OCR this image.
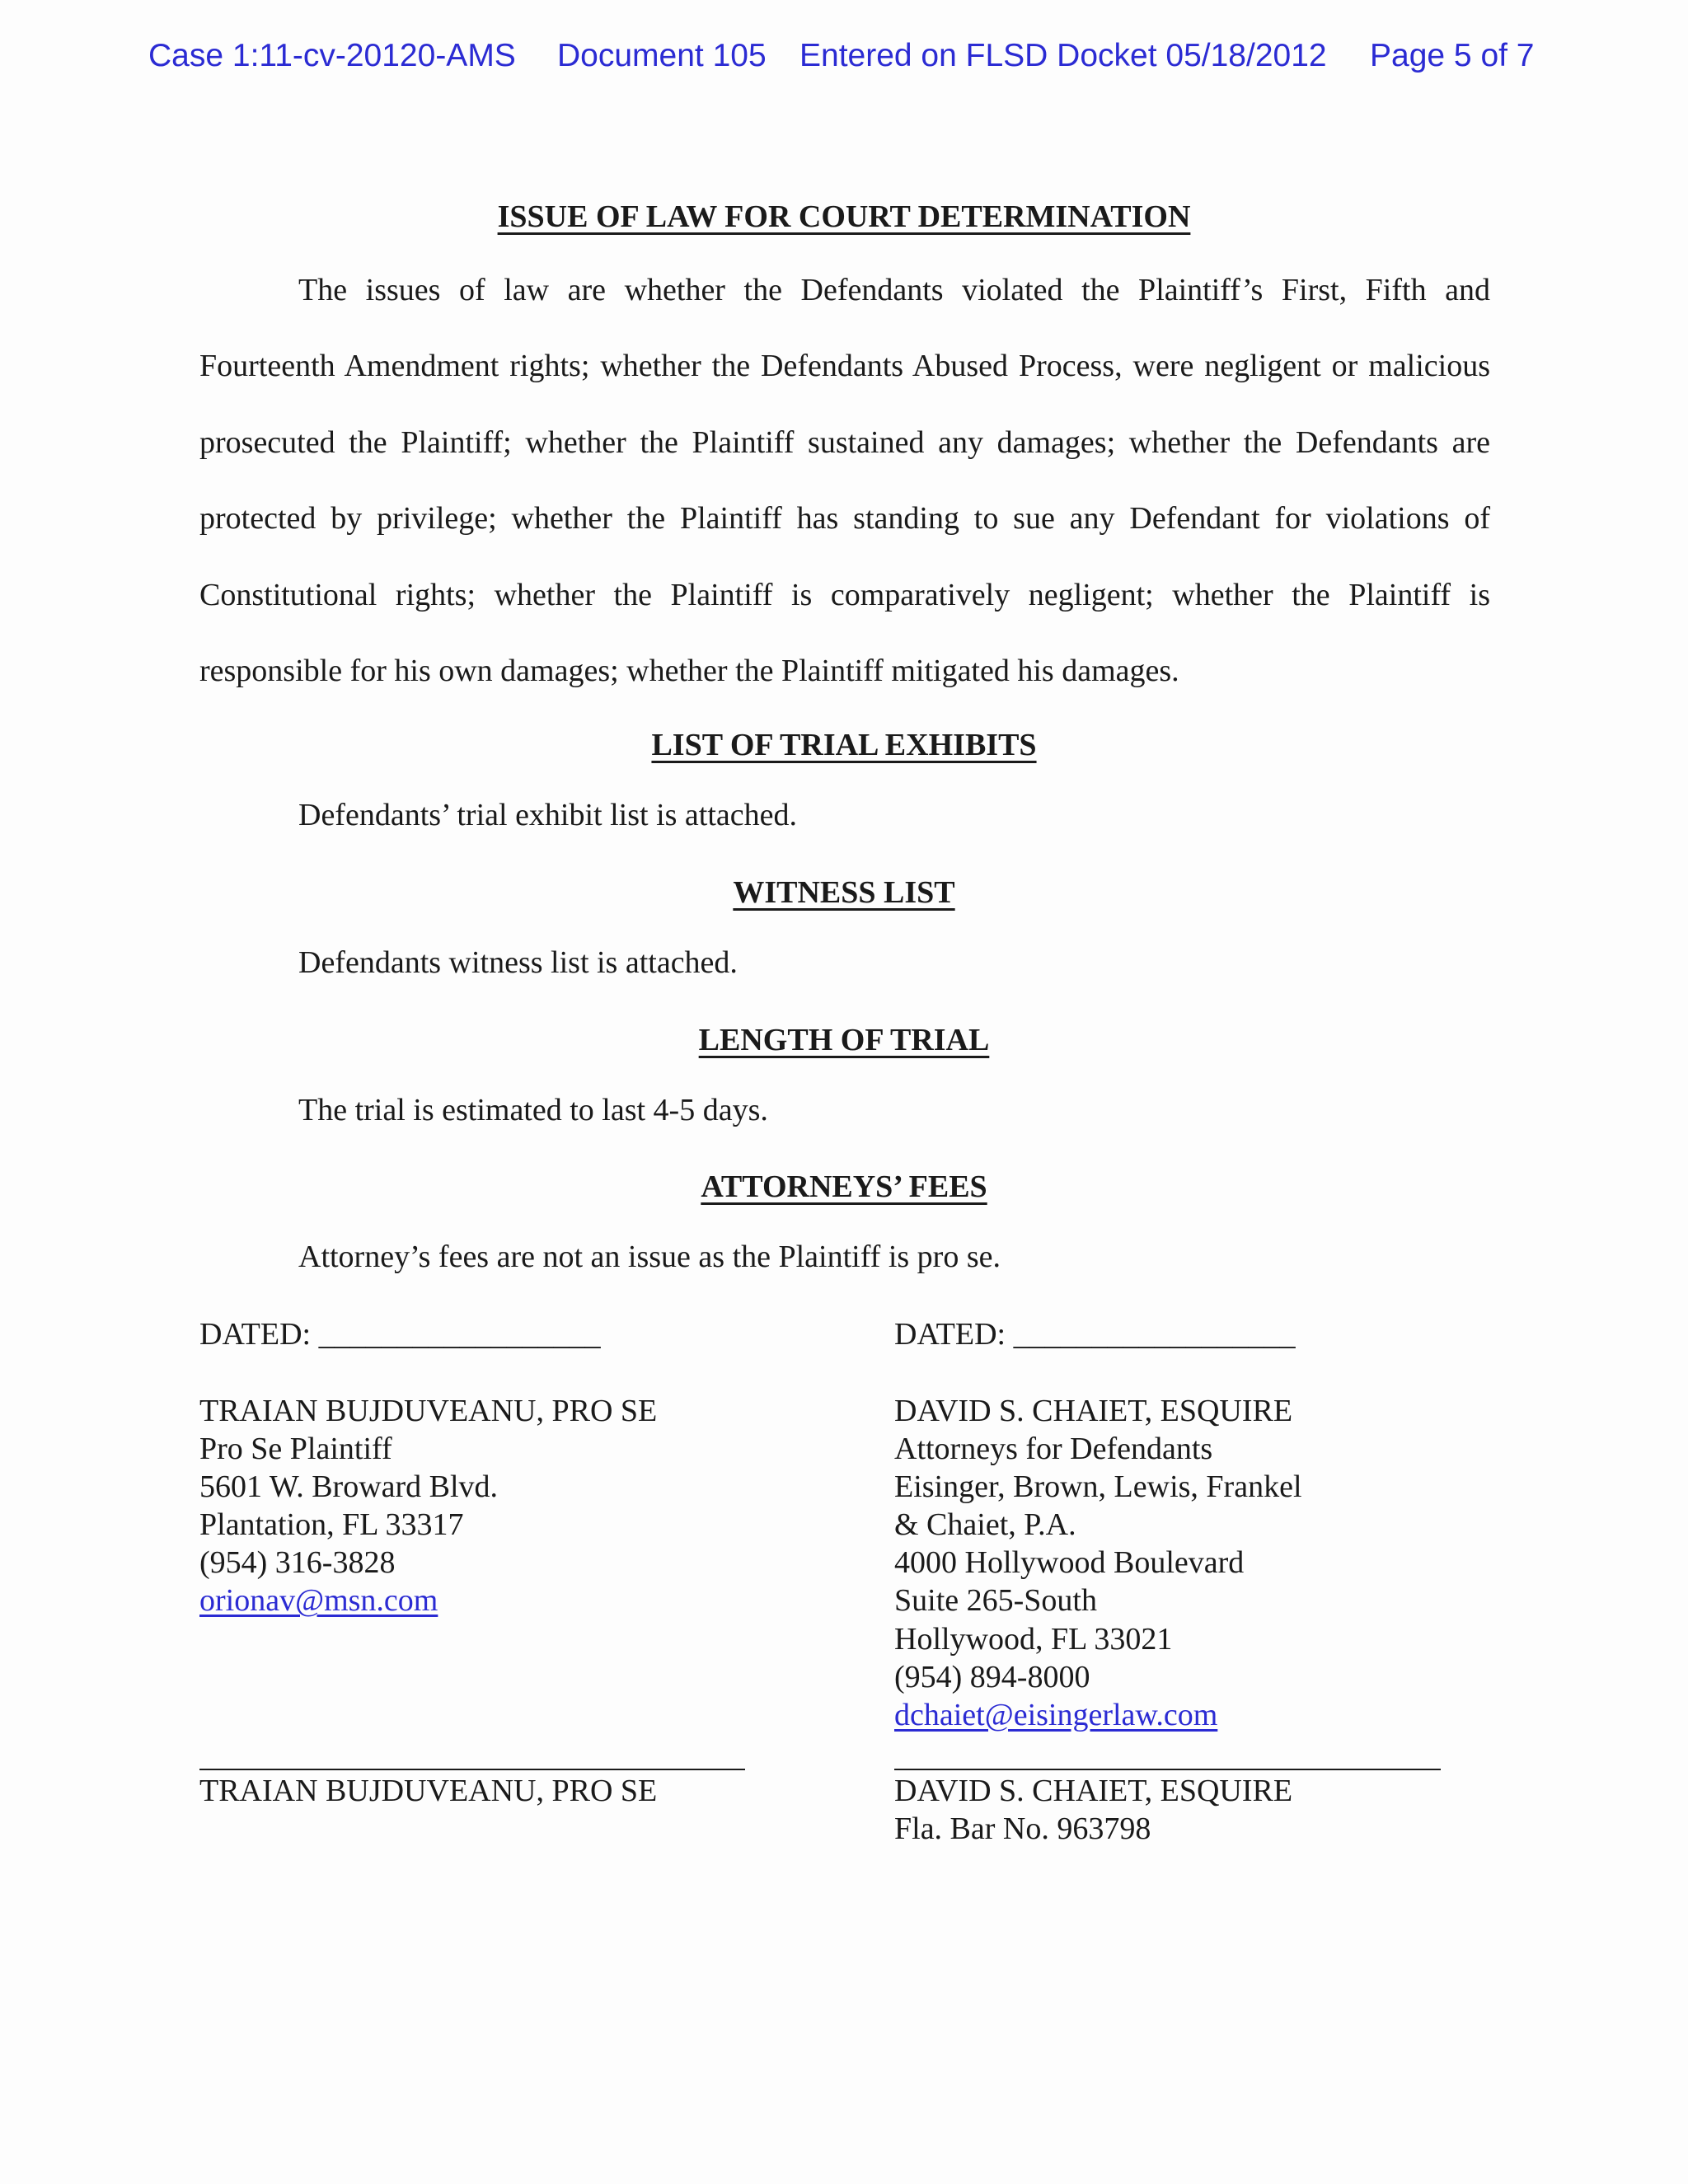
Case 1:11-cv-20120-AMS Document 105 Entered on FLSD Docket 05/18/2012 Page 5 of 7
ISSUE OF LAW FOR COURT DETERMINATION

The issues of law are whether the Defendants violated the Plaintiff’s First, Fifth and Fourteenth Amendment rights; whether the Defendants Abused Process, were negligent or malicious prosecuted the Plaintiff; whether the Plaintiff sustained any damages; whether the Defendants are protected by privilege; whether the Plaintiff has standing to sue any Defendant for violations of Constitutional rights; whether the Plaintiff is comparatively negligent; whether the Plaintiff is responsible for his own damages; whether the Plaintiff mitigated his damages.

LIST OF TRIAL EXHIBITS
Defendants’ trial exhibit list is attached.
WITNESS LIST
Defendants witness list is attached.
LENGTH OF TRIAL
The trial is estimated to last 4-5 days.
ATTORNEYS’ FEES
Attorney’s fees are not an issue as the Plaintiff is pro se.
DATED: __________________
TRAIAN BUJDUVEANU, PRO SE
Pro Se Plaintiff
5601 W. Broward Blvd.
Plantation, FL 33317
(954) 316-3828
orionav@msn.com
TRAIAN BUJDUVEANU, PRO SE
DATED: __________________
DAVID S. CHAIET, ESQUIRE
Attorneys for Defendants
Eisinger, Brown, Lewis, Frankel
& Chaiet, P.A.
4000 Hollywood Boulevard
Suite 265-South
Hollywood, FL 33021
(954) 894-8000
dchaiet@eisingerlaw.com
DAVID S. CHAIET, ESQUIRE
Fla. Bar No. 963798
